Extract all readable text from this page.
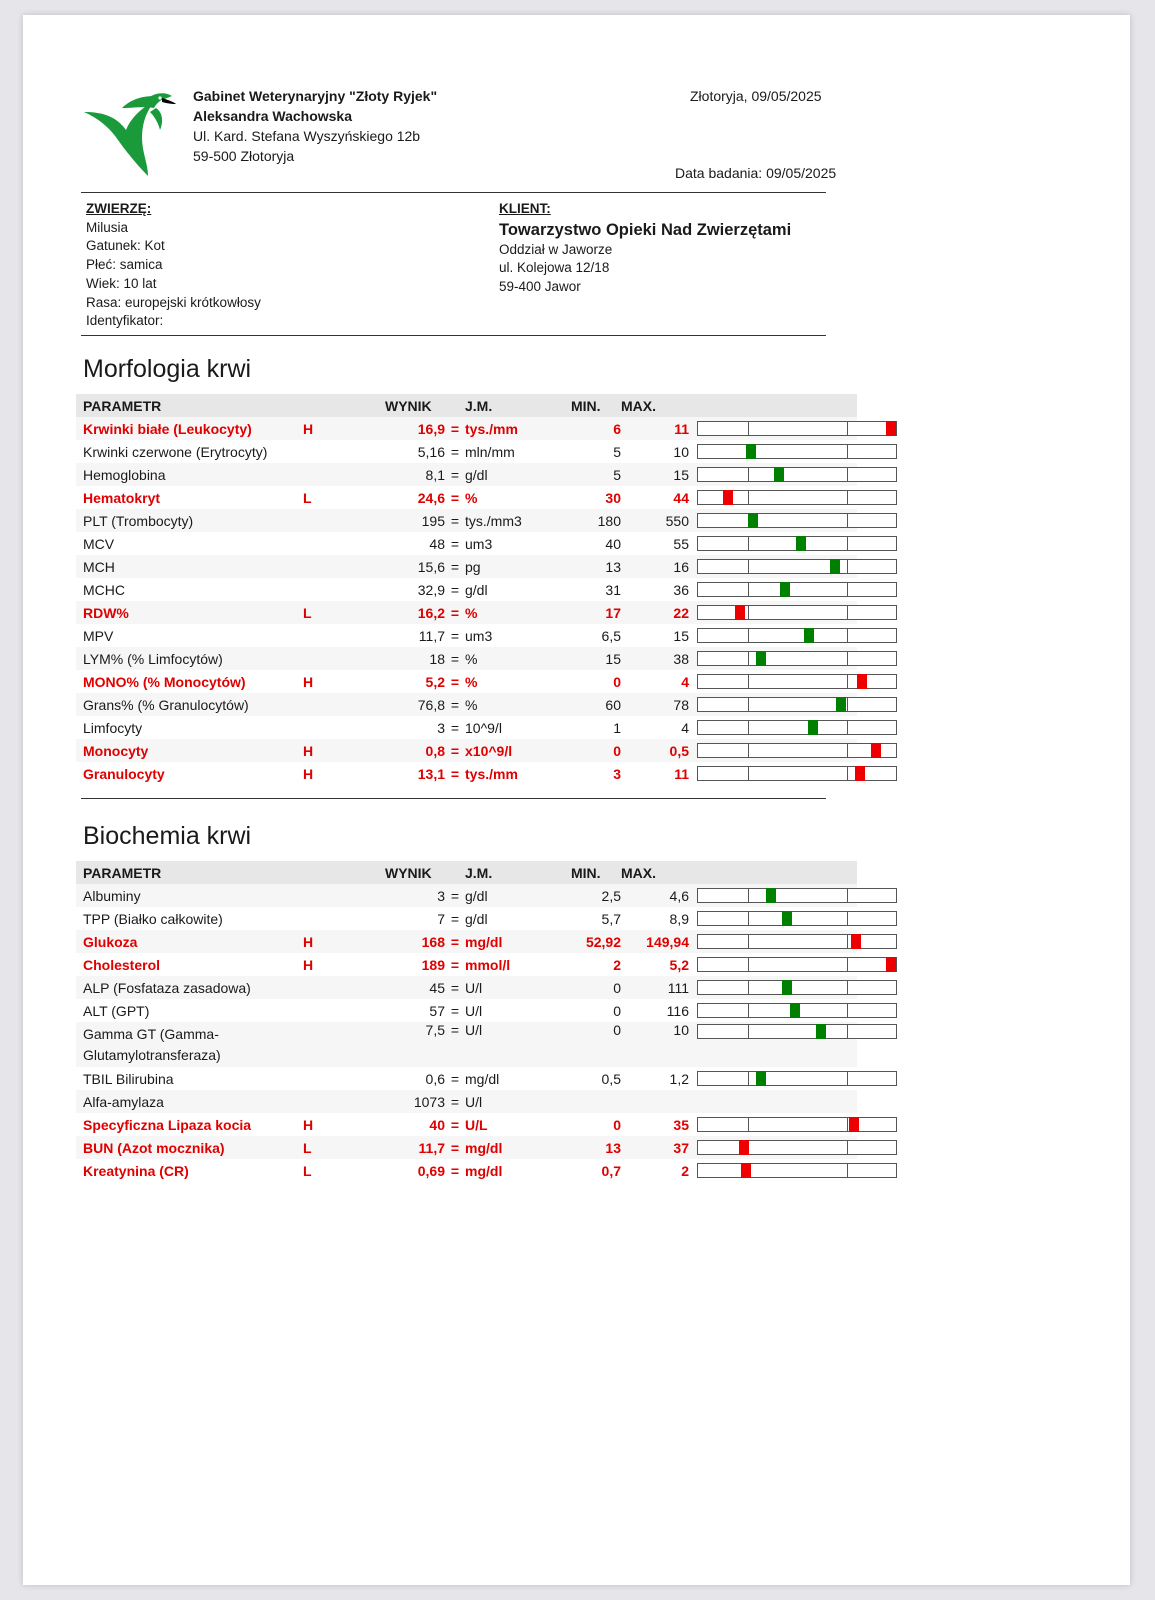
Gabinet Weterynaryjny "Złoty Ryjek"
Aleksandra Wachowska
Ul. Kard. Stefana Wyszyńskiego 12b
59-500 Złotoryja
Złotoryja, 09/05/2025
Data badania: 09/05/2025
ZWIERZĘ:
Milusia
Gatunek: Kot
Płeć: samica
Wiek: 10 lat
Rasa: europejski krótkowłosy
Identyfikator:
KLIENT:
Towarzystwo Opieki Nad Zwierzętami
Oddział w Jaworze
ul. Kolejowa 12/18
59-400 Jawor
Morfologia krwi
PARAMETR		WYNIK		J.M.	MIN.	MAX.		
Krwinki białe (Leukocyty)	H	16,9	=	tys./mm	6	11		

Krwinki czerwone (Erytrocyty)		5,16	=	mln/mm	5	10		

Hemoglobina		8,1	=	g/dl	5	15		

Hematokryt	L	24,6	=	%	30	44		

PLT (Trombocyty)		195	=	tys./mm3	180	550		

MCV		48	=	um3	40	55		

MCH		15,6	=	pg	13	16		

MCHC		32,9	=	g/dl	31	36		

RDW%	L	16,2	=	%	17	22		

MPV		11,7	=	um3	6,5	15		

LYM% (% Limfocytów)		18	=	%	15	38		

MONO% (% Monocytów)	H	5,2	=	%	0	4		

Grans% (% Granulocytów)		76,8	=	%	60	78		

Limfocyty		3	=	10^9/l	1	4		

Monocyty	H	0,8	=	x10^9/l	0	0,5		

Granulocyty	H	13,1	=	tys./mm	3	11		
Biochemia krwi
PARAMETR		WYNIK		J.M.	MIN.	MAX.		
Albuminy		3	=	g/dl	2,5	4,6		

TPP (Białko całkowite)		7	=	g/dl	5,7	8,9		

Glukoza	H	168	=	mg/dl	52,92	149,94		

Cholesterol	H	189	=	mmol/l	2	5,2		

ALP (Fosfataza zasadowa)		45	=	U/l	0	111		

ALT (GPT)		57	=	U/l	0	116		

Gamma GT (Gamma-Glutamylotransferaza)		7,5	=	U/l	0	10		

TBIL Bilirubina		0,6	=	mg/dl	0,5	1,2		

Alfa-amylaza		1073	=	U/l				
Specyficzna Lipaza kocia	H	40	=	U/L	0	35		

BUN (Azot mocznika)	L	11,7	=	mg/dl	13	37		

Kreatynina (CR)	L	0,69	=	mg/dl	0,7	2		
